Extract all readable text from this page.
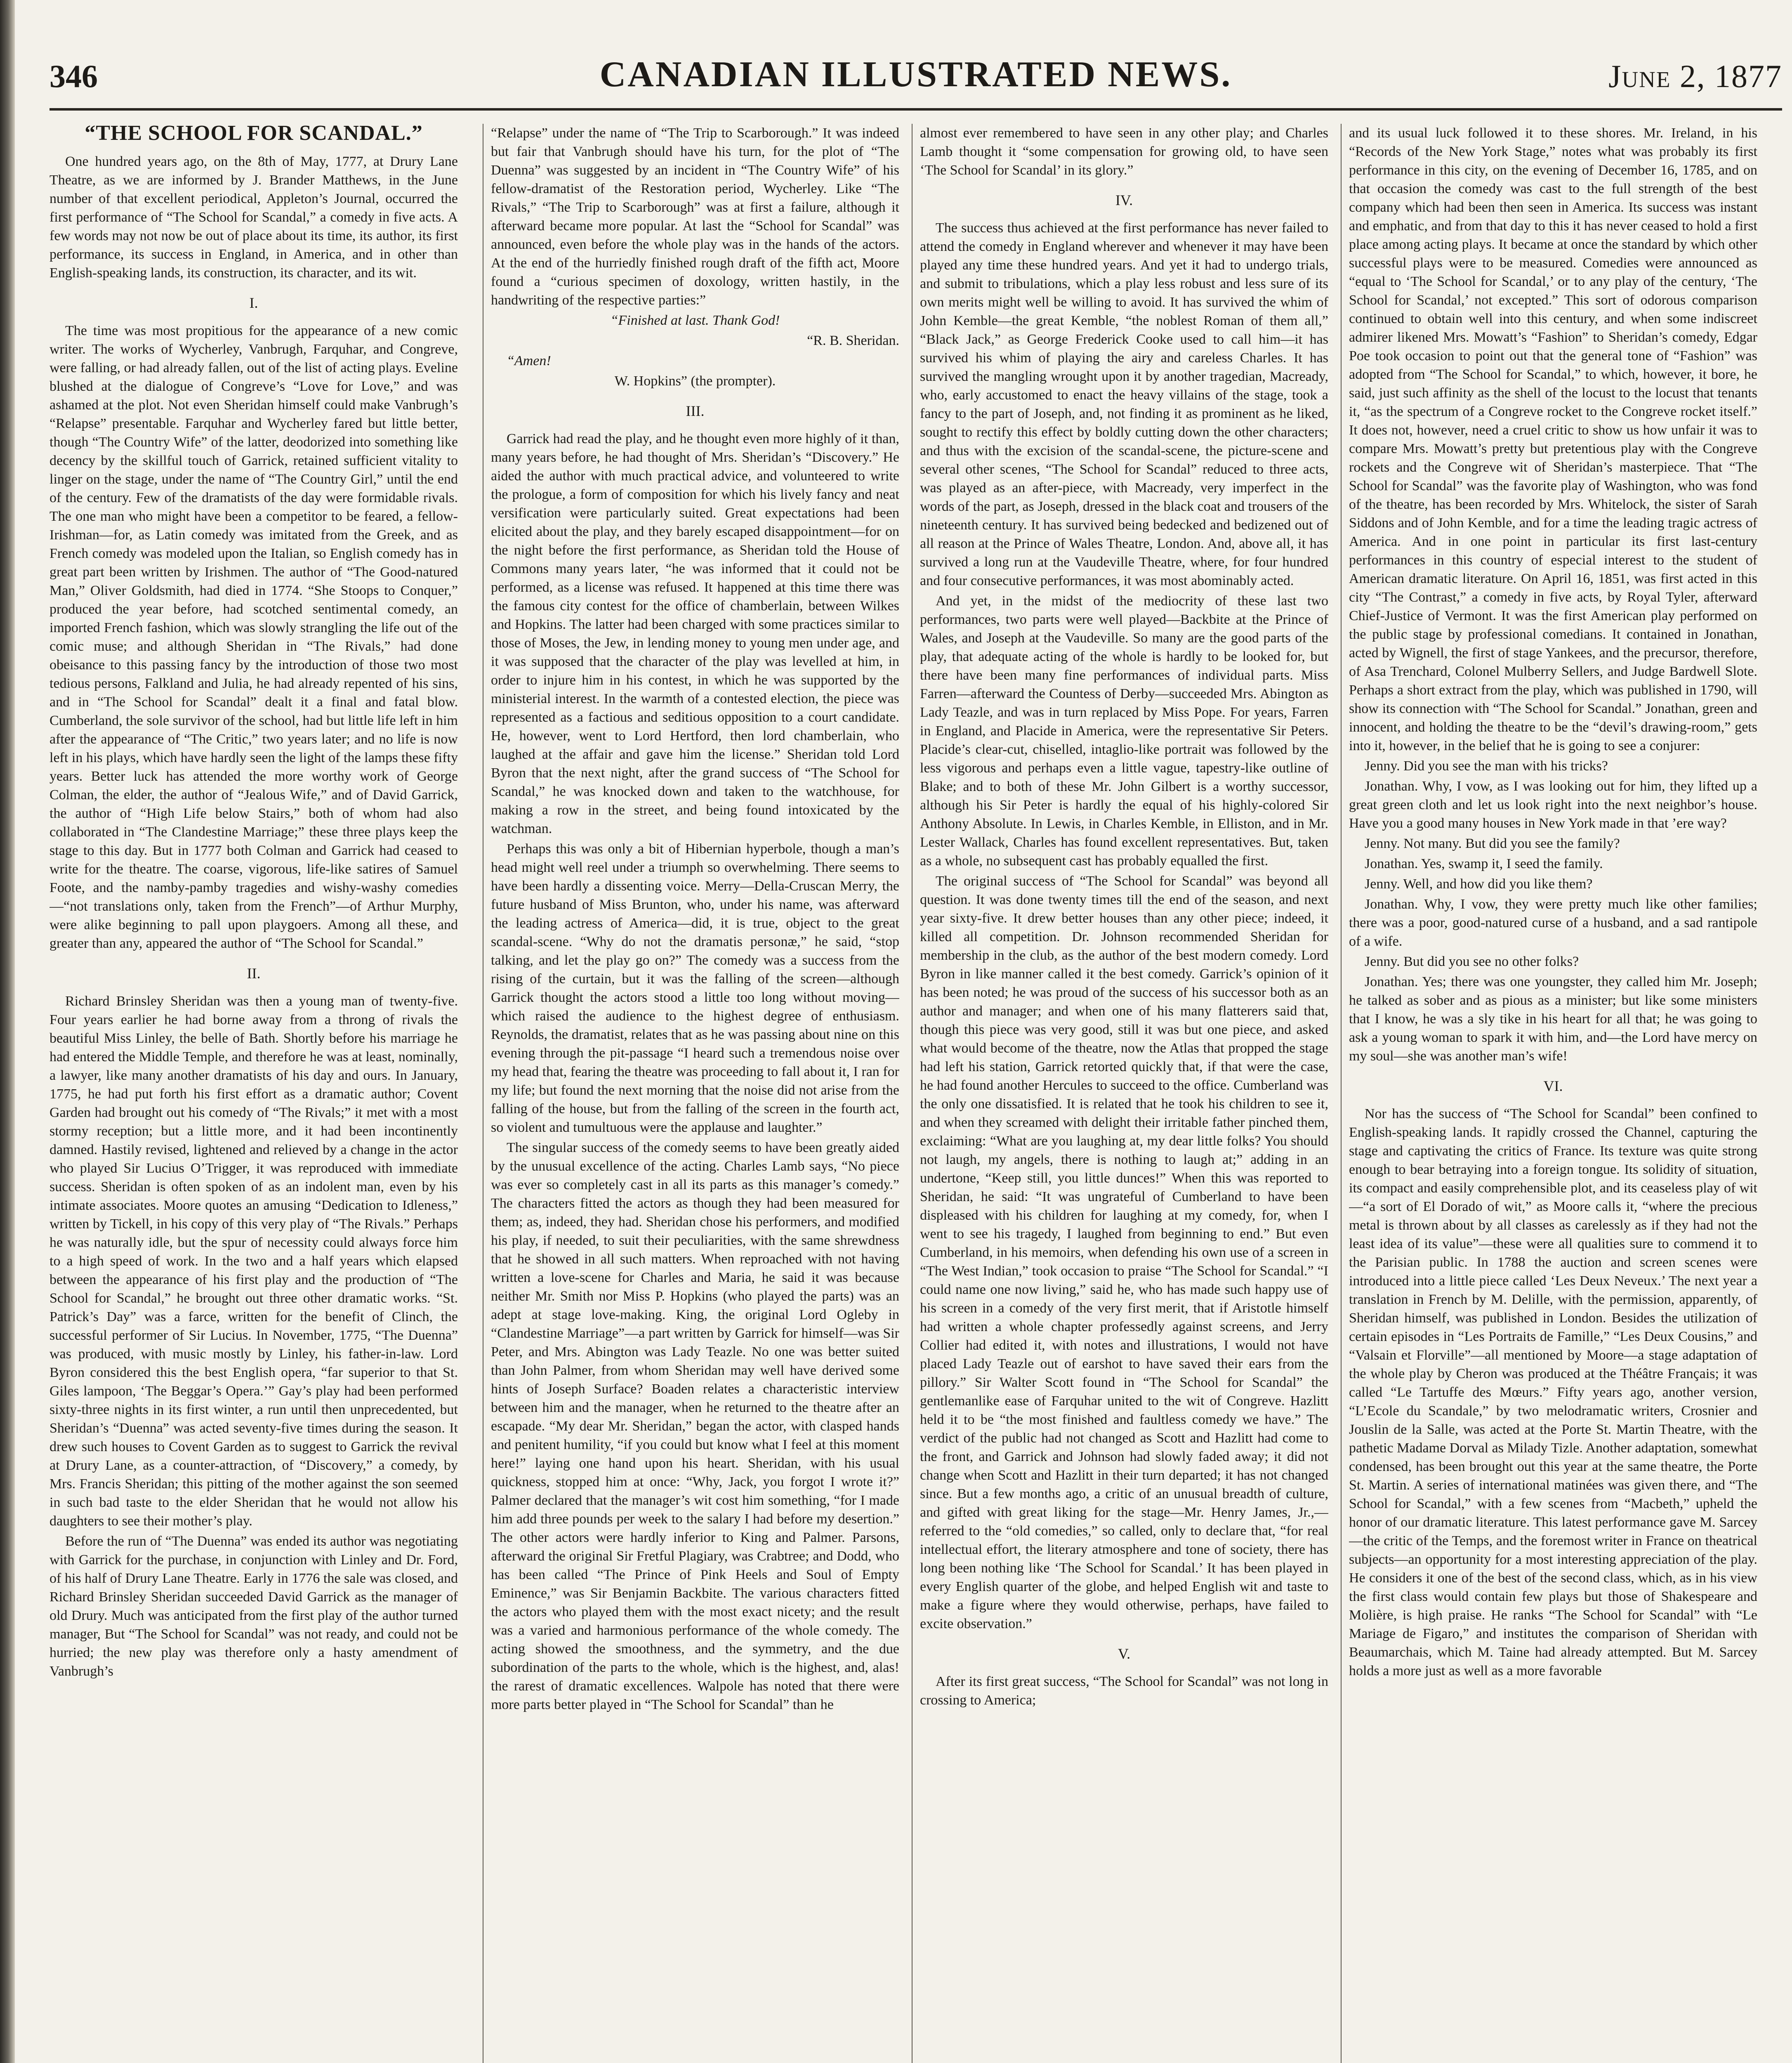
346	CANADIAN ILLUSTRATED NEWS.	June 2, 1877
“THE SCHOOL FOR SCANDAL.”

One hundred years ago, on the 8th of May, 1777, at Drury Lane Theatre, as we are informed by J. Brander Matthews, in the June number of that excellent periodical, Appleton’s Journal, occurred the first performance of “The School for Scandal,” a comedy in five acts. A few words may not now be out of place about its time, its author, its first performance, its success in England, in America, and in other than English-speaking lands, its construction, its character, and its wit.

I.

The time was most propitious for the appearance of a new comic writer. The works of Wycherley, Vanbrugh, Farquhar, and Congreve, were falling, or had already fallen, out of the list of acting plays. Eveline blushed at the dialogue of Congreve’s “Love for Love,” and was ashamed at the plot. Not even Sheridan himself could make Vanbrugh’s “Relapse” presentable. Farquhar and Wycherley fared but little better, though “The Country Wife” of the latter, deodorized into something like decency by the skillful touch of Garrick, retained sufficient vitality to linger on the stage, under the name of “The Country Girl,” until the end of the century. Few of the dramatists of the day were formidable rivals. The one man who might have been a competitor to be feared, a fellow-Irishman—for, as Latin comedy was imitated from the Greek, and as French comedy was modeled upon the Italian, so English comedy has in great part been written by Irishmen. The author of “The Good-natured Man,” Oliver Goldsmith, had died in 1774. “She Stoops to Conquer,” produced the year before, had scotched sentimental comedy, an imported French fashion, which was slowly strangling the life out of the comic muse; and although Sheridan in “The Rivals,” had done obeisance to this passing fancy by the introduction of those two most tedious persons, Falkland and Julia, he had already repented of his sins, and in “The School for Scandal” dealt it a final and fatal blow. Cumberland, the sole survivor of the school, had but little life left in him after the appearance of “The Critic,” two years later; and no life is now left in his plays, which have hardly seen the light of the lamps these fifty years. Better luck has attended the more worthy work of George Colman, the elder, the author of “Jealous Wife,” and of David Garrick, the author of “High Life below Stairs,” both of whom had also collaborated in “The Clandestine Marriage;” these three plays keep the stage to this day. But in 1777 both Colman and Garrick had ceased to write for the theatre. The coarse, vigorous, life-like satires of Samuel Foote, and the namby-pamby tragedies and wishy-washy comedies—“not translations only, taken from the French”—of Arthur Murphy, were alike beginning to pall upon playgoers. Among all these, and greater than any, appeared the author of “The School for Scandal.”

II.

Richard Brinsley Sheridan was then a young man of twenty-five. Four years earlier he had borne away from a throng of rivals the beautiful Miss Linley, the belle of Bath. Shortly before his marriage he had entered the Middle Temple, and therefore he was at least, nominally, a lawyer, like many another dramatists of his day and ours. In January, 1775, he had put forth his first effort as a dramatic author; Covent Garden had brought out his comedy of “The Rivals;” it met with a most stormy reception; but a little more, and it had been incontinently damned. Hastily revised, lightened and relieved by a change in the actor who played Sir Lucius O’Trigger, it was reproduced with immediate success. Sheridan is often spoken of as an indolent man, even by his intimate associates. Moore quotes an amusing “Dedication to Idleness,” written by Tickell, in his copy of this very play of “The Rivals.” Perhaps he was naturally idle, but the spur of necessity could always force him to a high speed of work. In the two and a half years which elapsed between the appearance of his first play and the production of “The School for Scandal,” he brought out three other dramatic works. “St. Patrick’s Day” was a farce, written for the benefit of Clinch, the successful performer of Sir Lucius. In November, 1775, “The Duenna” was produced, with music mostly by Linley, his father-in-law. Lord Byron considered this the best English opera, “far superior to that St. Giles lampoon, ‘The Beggar’s Opera.’” Gay’s play had been performed sixty-three nights in its first winter, a run until then unprecedented, but Sheridan’s “Duenna” was acted seventy-five times during the season. It drew such houses to Covent Garden as to suggest to Garrick the revival at Drury Lane, as a counter-attraction, of “Discovery,” a comedy, by Mrs. Francis Sheridan; this pitting of the mother against the son seemed in such bad taste to the elder Sheridan that he would not allow his daughters to see their mother’s play.

Before the run of “The Duenna” was ended its author was negotiating with Garrick for the purchase, in conjunction with Linley and Dr. Ford, of his half of Drury Lane Theatre. Early in 1776 the sale was closed, and Richard Brinsley Sheridan succeeded David Garrick as the manager of old Drury. Much was anticipated from the first play of the author turned manager, But “The School for Scandal” was not ready, and could not be hurried; the new play was therefore only a hasty amendment of Vanbrugh’s

“Relapse” under the name of “The Trip to Scarborough.” It was indeed but fair that Vanbrugh should have his turn, for the plot of “The Duenna” was suggested by an incident in “The Country Wife” of his fellow-dramatist of the Restoration period, Wycherley. Like “The Rivals,” “The Trip to Scarborough” was at first a failure, although it afterward became more popular. At last the “School for Scandal” was announced, even before the whole play was in the hands of the actors. At the end of the hurriedly finished rough draft of the fifth act, Moore found a “curious specimen of doxology, written hastily, in the handwriting of the respective parties:”

“Finished at last. Thank God!

“R. B. Sheridan.

“Amen!

W. Hopkins” (the prompter).

III.

Garrick had read the play, and he thought even more highly of it than, many years before, he had thought of Mrs. Sheridan’s “Discovery.” He aided the author with much practical advice, and volunteered to write the prologue, a form of composition for which his lively fancy and neat versification were particularly suited. Great expectations had been elicited about the play, and they barely escaped disappointment—for on the night before the first performance, as Sheridan told the House of Commons many years later, “he was informed that it could not be performed, as a license was refused. It happened at this time there was the famous city contest for the office of chamberlain, between Wilkes and Hopkins. The latter had been charged with some practices similar to those of Moses, the Jew, in lending money to young men under age, and it was supposed that the character of the play was levelled at him, in order to injure him in his contest, in which he was supported by the ministerial interest. In the warmth of a contested election, the piece was represented as a factious and seditious opposition to a court candidate. He, however, went to Lord Hertford, then lord chamberlain, who laughed at the affair and gave him the license.” Sheridan told Lord Byron that the next night, after the grand success of “The School for Scandal,” he was knocked down and taken to the watchhouse, for making a row in the street, and being found intoxicated by the watchman.

Perhaps this was only a bit of Hibernian hyperbole, though a man’s head might well reel under a triumph so overwhelming. There seems to have been hardly a dissenting voice. Merry—Della-Cruscan Merry, the future husband of Miss Brunton, who, under his name, was afterward the leading actress of America—did, it is true, object to the great scandal-scene. “Why do not the dramatis personæ,” he said, “stop talking, and let the play go on?” The comedy was a success from the rising of the curtain, but it was the falling of the screen—although Garrick thought the actors stood a little too long without moving—which raised the audience to the highest degree of enthusiasm. Reynolds, the dramatist, relates that as he was passing about nine on this evening through the pit-passage “I heard such a tremendous noise over my head that, fearing the theatre was proceeding to fall about it, I ran for my life; but found the next morning that the noise did not arise from the falling of the house, but from the falling of the screen in the fourth act, so violent and tumultuous were the applause and laughter.”

The singular success of the comedy seems to have been greatly aided by the unusual excellence of the acting. Charles Lamb says, “No piece was ever so completely cast in all its parts as this manager’s comedy.” The characters fitted the actors as though they had been measured for them; as, indeed, they had. Sheridan chose his performers, and modified his play, if needed, to suit their peculiarities, with the same shrewdness that he showed in all such matters. When reproached with not having written a love-scene for Charles and Maria, he said it was because neither Mr. Smith nor Miss P. Hopkins (who played the parts) was an adept at stage love-making. King, the original Lord Ogleby in “Clandestine Marriage”—a part written by Garrick for himself—was Sir Peter, and Mrs. Abington was Lady Teazle. No one was better suited than John Palmer, from whom Sheridan may well have derived some hints of Joseph Surface? Boaden relates a characteristic interview between him and the manager, when he returned to the theatre after an escapade. “My dear Mr. Sheridan,” began the actor, with clasped hands and penitent humility, “if you could but know what I feel at this moment here!” laying one hand upon his heart. Sheridan, with his usual quickness, stopped him at once: “Why, Jack, you forgot I wrote it?” Palmer declared that the manager’s wit cost him something, “for I made him add three pounds per week to the salary I had before my desertion.” The other actors were hardly inferior to King and Palmer. Parsons, afterward the original Sir Fretful Plagiary, was Crabtree; and Dodd, who has been called “The Prince of Pink Heels and Soul of Empty Eminence,” was Sir Benjamin Backbite. The various characters fitted the actors who played them with the most exact nicety; and the result was a varied and harmonious performance of the whole comedy. The acting showed the smoothness, and the symmetry, and the due subordination of the parts to the whole, which is the highest, and, alas! the rarest of dramatic excellences. Walpole has noted that there were more parts better played in “The School for Scandal” than he

almost ever remembered to have seen in any other play; and Charles Lamb thought it “some compensation for growing old, to have seen ‘The School for Scandal’ in its glory.”

IV.

The success thus achieved at the first performance has never failed to attend the comedy in England wherever and whenever it may have been played any time these hundred years. And yet it had to undergo trials, and submit to tribulations, which a play less robust and less sure of its own merits might well be willing to avoid. It has survived the whim of John Kemble—the great Kemble, “the noblest Roman of them all,” “Black Jack,” as George Frederick Cooke used to call him—it has survived his whim of playing the airy and careless Charles. It has survived the mangling wrought upon it by another tragedian, Macready, who, early accustomed to enact the heavy villains of the stage, took a fancy to the part of Joseph, and, not finding it as prominent as he liked, sought to rectify this effect by boldly cutting down the other characters; and thus with the excision of the scandal-scene, the picture-scene and several other scenes, “The School for Scandal” reduced to three acts, was played as an after-piece, with Macready, very imperfect in the words of the part, as Joseph, dressed in the black coat and trousers of the nineteenth century. It has survived being bedecked and bedizened out of all reason at the Prince of Wales Theatre, London. And, above all, it has survived a long run at the Vaudeville Theatre, where, for four hundred and four consecutive performances, it was most abominably acted.

And yet, in the midst of the mediocrity of these last two performances, two parts were well played—Backbite at the Prince of Wales, and Joseph at the Vaudeville. So many are the good parts of the play, that adequate acting of the whole is hardly to be looked for, but there have been many fine performances of individual parts. Miss Farren—afterward the Countess of Derby—succeeded Mrs. Abington as Lady Teazle, and was in turn replaced by Miss Pope. For years, Farren in England, and Placide in America, were the representative Sir Peters. Placide’s clear-cut, chiselled, intaglio-like portrait was followed by the less vigorous and perhaps even a little vague, tapestry-like outline of Blake; and to both of these Mr. John Gilbert is a worthy successor, although his Sir Peter is hardly the equal of his highly-colored Sir Anthony Absolute. In Lewis, in Charles Kemble, in Elliston, and in Mr. Lester Wallack, Charles has found excellent representatives. But, taken as a whole, no subsequent cast has probably equalled the first.

The original success of “The School for Scandal” was beyond all question. It was done twenty times till the end of the season, and next year sixty-five. It drew better houses than any other piece; indeed, it killed all competition. Dr. Johnson recommended Sheridan for membership in the club, as the author of the best modern comedy. Lord Byron in like manner called it the best comedy. Garrick’s opinion of it has been noted; he was proud of the success of his successor both as an author and manager; and when one of his many flatterers said that, though this piece was very good, still it was but one piece, and asked what would become of the theatre, now the Atlas that propped the stage had left his station, Garrick retorted quickly that, if that were the case, he had found another Hercules to succeed to the office. Cumberland was the only one dissatisfied. It is related that he took his children to see it, and when they screamed with delight their irritable father pinched them, exclaiming: “What are you laughing at, my dear little folks? You should not laugh, my angels, there is nothing to laugh at;” adding in an undertone, “Keep still, you little dunces!” When this was reported to Sheridan, he said: “It was ungrateful of Cumberland to have been displeased with his children for laughing at my comedy, for, when I went to see his tragedy, I laughed from beginning to end.” But even Cumberland, in his memoirs, when defending his own use of a screen in “The West Indian,” took occasion to praise “The School for Scandal.” “I could name one now living,” said he, who has made such happy use of his screen in a comedy of the very first merit, that if Aristotle himself had written a whole chapter professedly against screens, and Jerry Collier had edited it, with notes and illustrations, I would not have placed Lady Teazle out of earshot to have saved their ears from the pillory.” Sir Walter Scott found in “The School for Scandal” the gentlemanlike ease of Farquhar united to the wit of Congreve. Hazlitt held it to be “the most finished and faultless comedy we have.” The verdict of the public had not changed as Scott and Hazlitt had come to the front, and Garrick and Johnson had slowly faded away; it did not change when Scott and Hazlitt in their turn departed; it has not changed since. But a few months ago, a critic of an unusual breadth of culture, and gifted with great liking for the stage—Mr. Henry James, Jr.,—referred to the “old comedies,” so called, only to declare that, “for real intellectual effort, the literary atmosphere and tone of society, there has long been nothing like ‘The School for Scandal.’ It has been played in every English quarter of the globe, and helped English wit and taste to make a figure where they would otherwise, perhaps, have failed to excite observation.”

V.

After its first great success, “The School for Scandal” was not long in crossing to America;

and its usual luck followed it to these shores. Mr. Ireland, in his “Records of the New York Stage,” notes what was probably its first performance in this city, on the evening of December 16, 1785, and on that occasion the comedy was cast to the full strength of the best company which had been then seen in America. Its success was instant and emphatic, and from that day to this it has never ceased to hold a first place among acting plays. It became at once the standard by which other successful plays were to be measured. Comedies were announced as “equal to ‘The School for Scandal,’ or to any play of the century, ‘The School for Scandal,’ not excepted.” This sort of odorous comparison continued to obtain well into this century, and when some indiscreet admirer likened Mrs. Mowatt’s “Fashion” to Sheridan’s comedy, Edgar Poe took occasion to point out that the general tone of “Fashion” was adopted from “The School for Scandal,” to which, however, it bore, he said, just such affinity as the shell of the locust to the locust that tenants it, “as the spectrum of a Congreve rocket to the Congreve rocket itself.” It does not, however, need a cruel critic to show us how unfair it was to compare Mrs. Mowatt’s pretty but pretentious play with the Congreve rockets and the Congreve wit of Sheridan’s masterpiece. That “The School for Scandal” was the favorite play of Washington, who was fond of the theatre, has been recorded by Mrs. Whitelock, the sister of Sarah Siddons and of John Kemble, and for a time the leading tragic actress of America. And in one point in particular its first last-century performances in this country of especial interest to the student of American dramatic literature. On April 16, 1851, was first acted in this city “The Contrast,” a comedy in five acts, by Royal Tyler, afterward Chief-Justice of Vermont. It was the first American play performed on the public stage by professional comedians. It contained in Jonathan, acted by Wignell, the first of stage Yankees, and the precursor, therefore, of Asa Trenchard, Colonel Mulberry Sellers, and Judge Bardwell Slote. Perhaps a short extract from the play, which was published in 1790, will show its connection with “The School for Scandal.” Jonathan, green and innocent, and holding the theatre to be the “devil’s drawing-room,” gets into it, however, in the belief that he is going to see a conjurer:

Jenny. Did you see the man with his tricks?

Jonathan. Why, I vow, as I was looking out for him, they lifted up a great green cloth and let us look right into the next neighbor’s house. Have you a good many houses in New York made in that ’ere way?

Jenny. Not many. But did you see the family?

Jonathan. Yes, swamp it, I seed the family.

Jenny. Well, and how did you like them?

Jonathan. Why, I vow, they were pretty much like other families; there was a poor, good-natured curse of a husband, and a sad rantipole of a wife.

Jenny. But did you see no other folks?

Jonathan. Yes; there was one youngster, they called him Mr. Joseph; he talked as sober and as pious as a minister; but like some ministers that I know, he was a sly tike in his heart for all that; he was going to ask a young woman to spark it with him, and—the Lord have mercy on my soul—she was another man’s wife!

VI.

Nor has the success of “The School for Scandal” been confined to English-speaking lands. It rapidly crossed the Channel, capturing the stage and captivating the critics of France. Its texture was quite strong enough to bear betraying into a foreign tongue. Its solidity of situation, its compact and easily comprehensible plot, and its ceaseless play of wit—“a sort of El Dorado of wit,” as Moore calls it, “where the precious metal is thrown about by all classes as carelessly as if they had not the least idea of its value”—these were all qualities sure to commend it to the Parisian public. In 1788 the auction and screen scenes were introduced into a little piece called ‘Les Deux Neveux.’ The next year a translation in French by M. Delille, with the permission, apparently, of Sheridan himself, was published in London. Besides the utilization of certain episodes in “Les Portraits de Famille,” “Les Deux Cousins,” and “Valsain et Florville”—all mentioned by Moore—a stage adaptation of the whole play by Cheron was produced at the Théâtre Français; it was called “Le Tartuffe des Mœurs.” Fifty years ago, another version, “L’Ecole du Scandale,” by two melodramatic writers, Crosnier and Jouslin de la Salle, was acted at the Porte St. Martin Theatre, with the pathetic Madame Dorval as Milady Tizle. Another adaptation, somewhat condensed, has been brought out this year at the same theatre, the Porte St. Martin. A series of international matinées was given there, and “The School for Scandal,” with a few scenes from “Macbeth,” upheld the honor of our dramatic literature. This latest performance gave M. Sarcey—the critic of the Temps, and the foremost writer in France on theatrical subjects—an opportunity for a most interesting appreciation of the play. He considers it one of the best of the second class, which, as in his view the first class would contain few plays but those of Shakespeare and Molière, is high praise. He ranks “The School for Scandal” with “Le Mariage de Figaro,” and institutes the comparison of Sheridan with Beaumarchais, which M. Taine had already attempted. But M. Sarcey holds a more just as well as a more favorable
